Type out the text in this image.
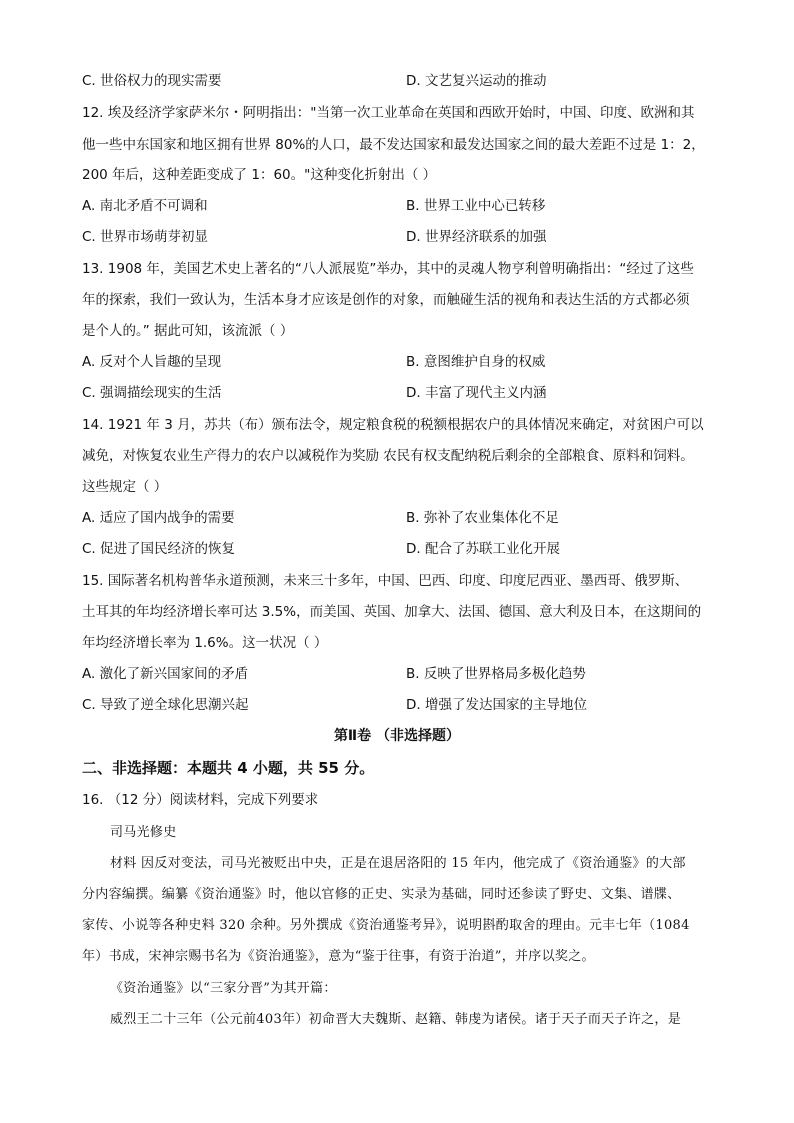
C. 世俗权力的现实需要	D. 文艺复兴运动的推动
12. 埃及经济学家萨米尔・阿明指出："当第一次工业革命在英国和西欧开始时，中国、印度、欧洲和其
他一些中东国家和地区拥有世界 80%的人口，最不发达国家和最发达国家之间的最大差距不过是 1：2，
200 年后，这种差距变成了 1：60。"这种变化折射出（ ）
A. 南北矛盾不可调和	B. 世界工业中心已转移
C. 世界市场萌芽初显	D. 世界经济联系的加强
13. 1908 年，美国艺术史上著名的“八人派展览”举办，其中的灵魂人物亨利曾明确指出：“经过了这些
年的探索，我们一致认为，生活本身才应该是创作的对象，而触碰生活的视角和表达生活的方式都必须
是个人的。” 据此可知，该流派（ ）
A. 反对个人旨趣的呈现	B. 意图维护自身的权威
C. 强调描绘现实的生活	D. 丰富了现代主义内涵
14. 1921 年 3 月，苏共（布）颁布法令，规定粮食税的税额根据农户的具体情况来确定，对贫困户可以
减免，对恢复农业生产得力的农户以减税作为奖励 农民有权支配纳税后剩余的全部粮食、原料和饲料。
这些规定（ ）
A. 适应了国内战争的需要	B. 弥补了农业集体化不足
C. 促进了国民经济的恢复	D. 配合了苏联工业化开展
15. 国际著名机构普华永道预测，未来三十多年，中国、巴西、印度、印度尼西亚、墨西哥、俄罗斯、
土耳其的年均经济增长率可达 3.5%，而美国、英国、加拿大、法国、德国、意大利及日本，在这期间的
年均经济增长率为 1.6%。这一状况（ ）
A. 激化了新兴国家间的矛盾	B. 反映了世界格局多极化趋势
C. 导致了逆全球化思潮兴起	D. 增强了发达国家的主导地位
第Ⅱ卷 （非选择题）
二、非选择题：本题共 4 小题，共 55 分。
16. （12 分）阅读材料，完成下列要求
司马光修史
材料 因反对变法，司马光被贬出中央，正是在退居洛阳的 15 年内，他完成了《资治通鉴》的大部
分内容编撰。编纂《资治通鉴》时，他以官修的正史、实录为基础，同时还参读了野史、文集、谱牒、
家传、小说等各种史料 320 余种。另外撰成《资治通鉴考异》，说明斟酌取舍的理由。元丰七年（1084
年）书成，宋神宗赐书名为《资治通鉴》，意为“鉴于往事，有资于治道”，并序以奖之。
《资治通鉴》以“三家分晋”为其开篇：
威烈王二十三年（公元前403年）初命晋大夫魏斯、赵籍、韩虔为诸侯。诸于天子而天子许之，是
